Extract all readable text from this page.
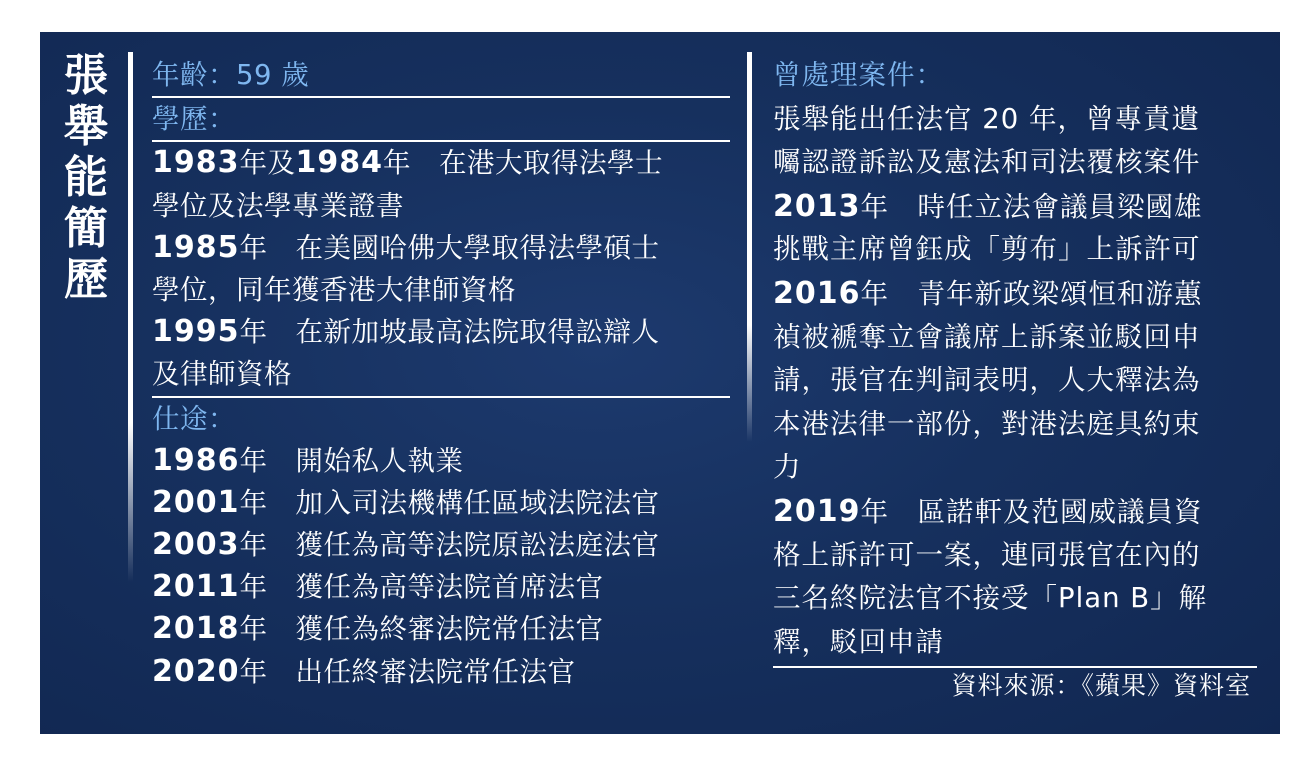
張舉能簡歷
年齡：59 歲
學歷：
1983年及1984年　在港大取得法學士
學位及法學專業證書
1985年　在美國哈佛大學取得法學碩士
學位，同年獲香港大律師資格
1995年　在新加坡最高法院取得訟辯人
及律師資格
仕途：
1986年　開始私人執業
2001年　加入司法機構任區域法院法官
2003年　獲任為高等法院原訟法庭法官
2011年　獲任為高等法院首席法官
2018年　獲任為終審法院常任法官
2020年　出任終審法院常任法官
曾處理案件：
張舉能出任法官 20 年，曾專責遺
囑認證訴訟及憲法和司法覆核案件
2013年　時任立法會議員梁國雄
挑戰主席曾鈺成「剪布」上訴許可
2016年　青年新政梁頌恒和游蕙
禎被褫奪立會議席上訴案並駁回申
請，張官在判詞表明，人大釋法為
本港法律一部份，對港法庭具約束
力
2019年　區諾軒及范國威議員資
格上訴許可一案，連同張官在內的
三名終院法官不接受「Plan B」解
釋，駁回申請
資料來源：《蘋果》資料室
